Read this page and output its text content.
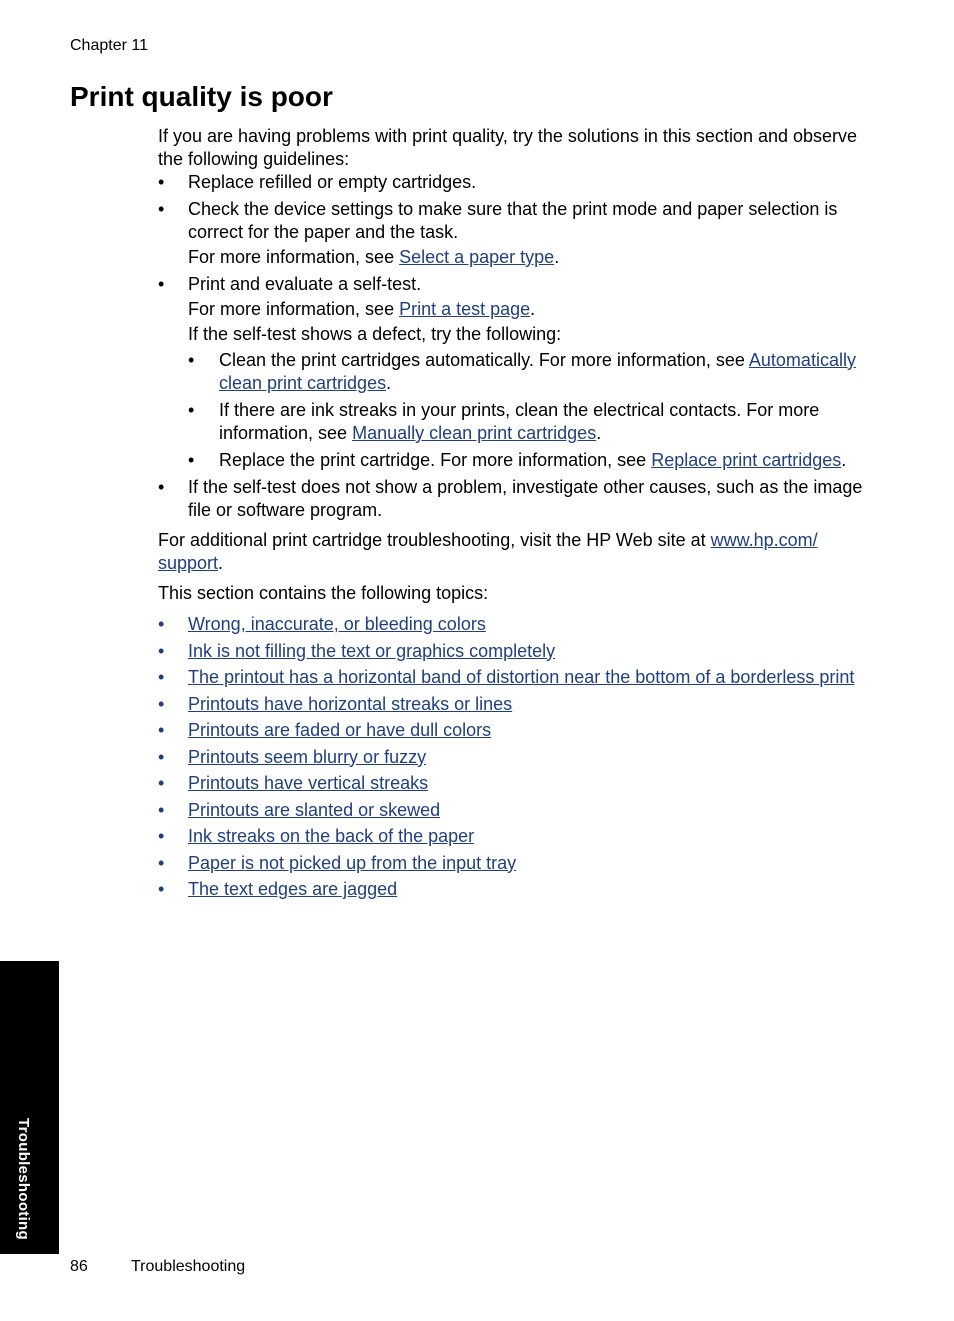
Chapter 11
Print quality is poor

If you are having problems with print quality, try the solutions in this section and observe the following guidelines:

• Replace refilled or empty cartridges.
• Check the device settings to make sure that the print mode and paper selection is correct for the paper and the task.

For more information, see Select a paper type.

• Print and evaluate a self-test.

For more information, see Print a test page.

If the self-test shows a defect, try the following:

• Clean the print cartridges automatically. For more information, see Automatically clean print cartridges.
• If there are ink streaks in your prints, clean the electrical contacts. For more information, see Manually clean print cartridges.
• Replace the print cartridge. For more information, see Replace print cartridges.
• If the self-test does not show a problem, investigate other causes, such as the image file or software program.

For additional print cartridge troubleshooting, visit the HP Web site at www.hp.com/ support.

This section contains the following topics:

• Wrong, inaccurate, or bleeding colors
• Ink is not filling the text or graphics completely
• The printout has a horizontal band of distortion near the bottom of a borderless print
• Printouts have horizontal streaks or lines
• Printouts are faded or have dull colors
• Printouts seem blurry or fuzzy
• Printouts have vertical streaks
• Printouts are slanted or skewed
• Ink streaks on the back of the paper
• Paper is not picked up from the input tray
• The text edges are jagged
Troubleshooting
86	Troubleshooting
